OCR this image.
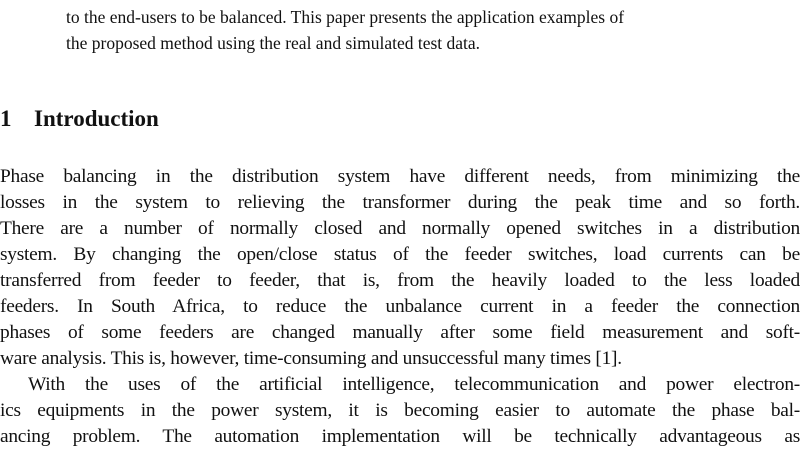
to the end-users to be balanced. This paper presents the application examples of
the proposed method using the real and simulated test data.
1 Introduction
Phase balancing in the distribution system have different needs, from minimizing the
losses in the system to relieving the transformer during the peak time and so forth.
There are a number of normally closed and normally opened switches in a distribution
system. By changing the open/close status of the feeder switches, load currents can be
transferred from feeder to feeder, that is, from the heavily loaded to the less loaded
feeders. In South Africa, to reduce the unbalance current in a feeder the connection
phases of some feeders are changed manually after some field measurement and soft-
ware analysis. This is, however, time-consuming and unsuccessful many times [1].
With the uses of the artificial intelligence, telecommunication and power electron-
ics equipments in the power system, it is becoming easier to automate the phase bal-
ancing problem. The automation implementation will be technically advantageous as
